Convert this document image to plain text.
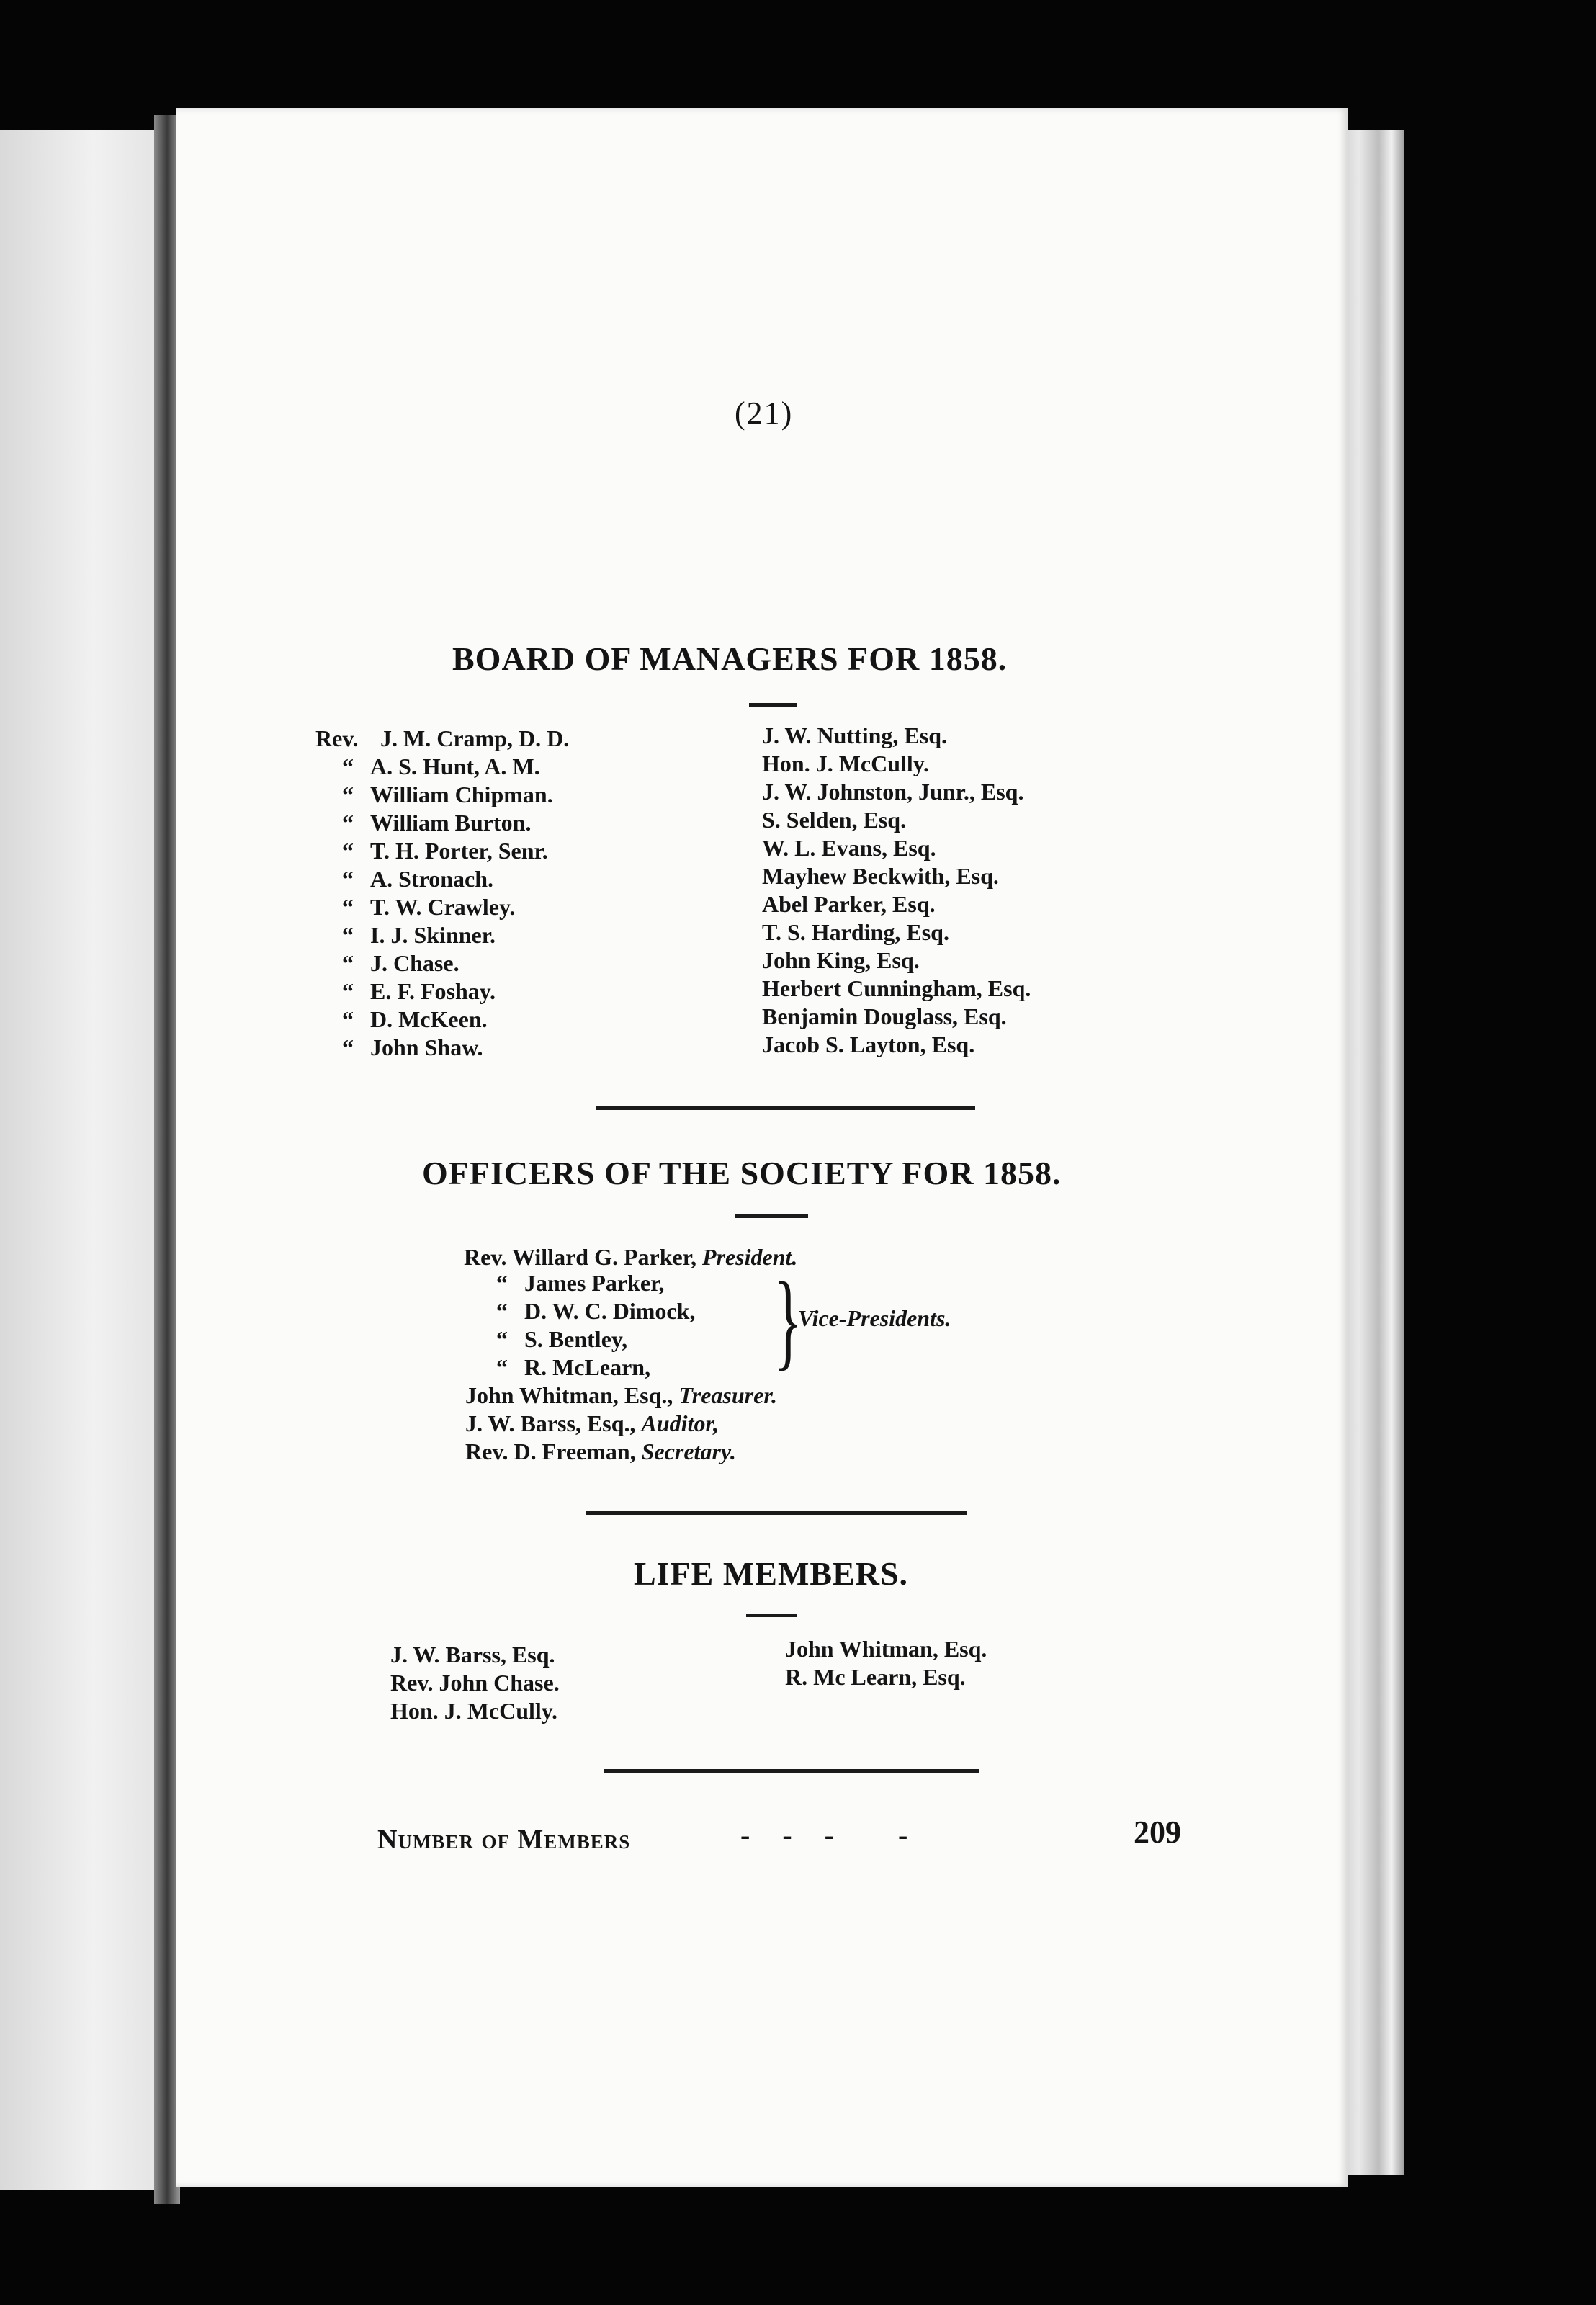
(21)
BOARD OF MANAGERS FOR 1858.
Rev. J. M. Cramp, D. D.
“ A. S. Hunt, A. M.
“ William Chipman.
“ William Burton.
“ T. H. Porter, Senr.
“ A. Stronach.
“ T. W. Crawley.
“ I. J. Skinner.
“ J. Chase.
“ E. F. Foshay.
“ D. McKeen.
“ John Shaw.
J. W. Nutting, Esq.
Hon. J. McCully.
J. W. Johnston, Junr., Esq.
S. Selden, Esq.
W. L. Evans, Esq.
Mayhew Beckwith, Esq.
Abel Parker, Esq.
T. S. Harding, Esq.
John King, Esq.
Herbert Cunningham, Esq.
Benjamin Douglass, Esq.
Jacob S. Layton, Esq.
OFFICERS OF THE SOCIETY FOR 1858.
Rev. Willard G. Parker, President.
“ James Parker,
“ D. W. C. Dimock,
“ S. Bentley,
“ R. McLearn,	}
Vice-Presidents.
John Whitman, Esq., Treasurer.
J. W. Barss, Esq., Auditor,
Rev. D. Freeman, Secretary.
LIFE MEMBERS.
J. W. Barss, Esq.
Rev. John Chase.
Hon. J. McCully.
John Whitman, Esq.
R. Mc Learn, Esq.
Number of Members	-    -    -        -	209
